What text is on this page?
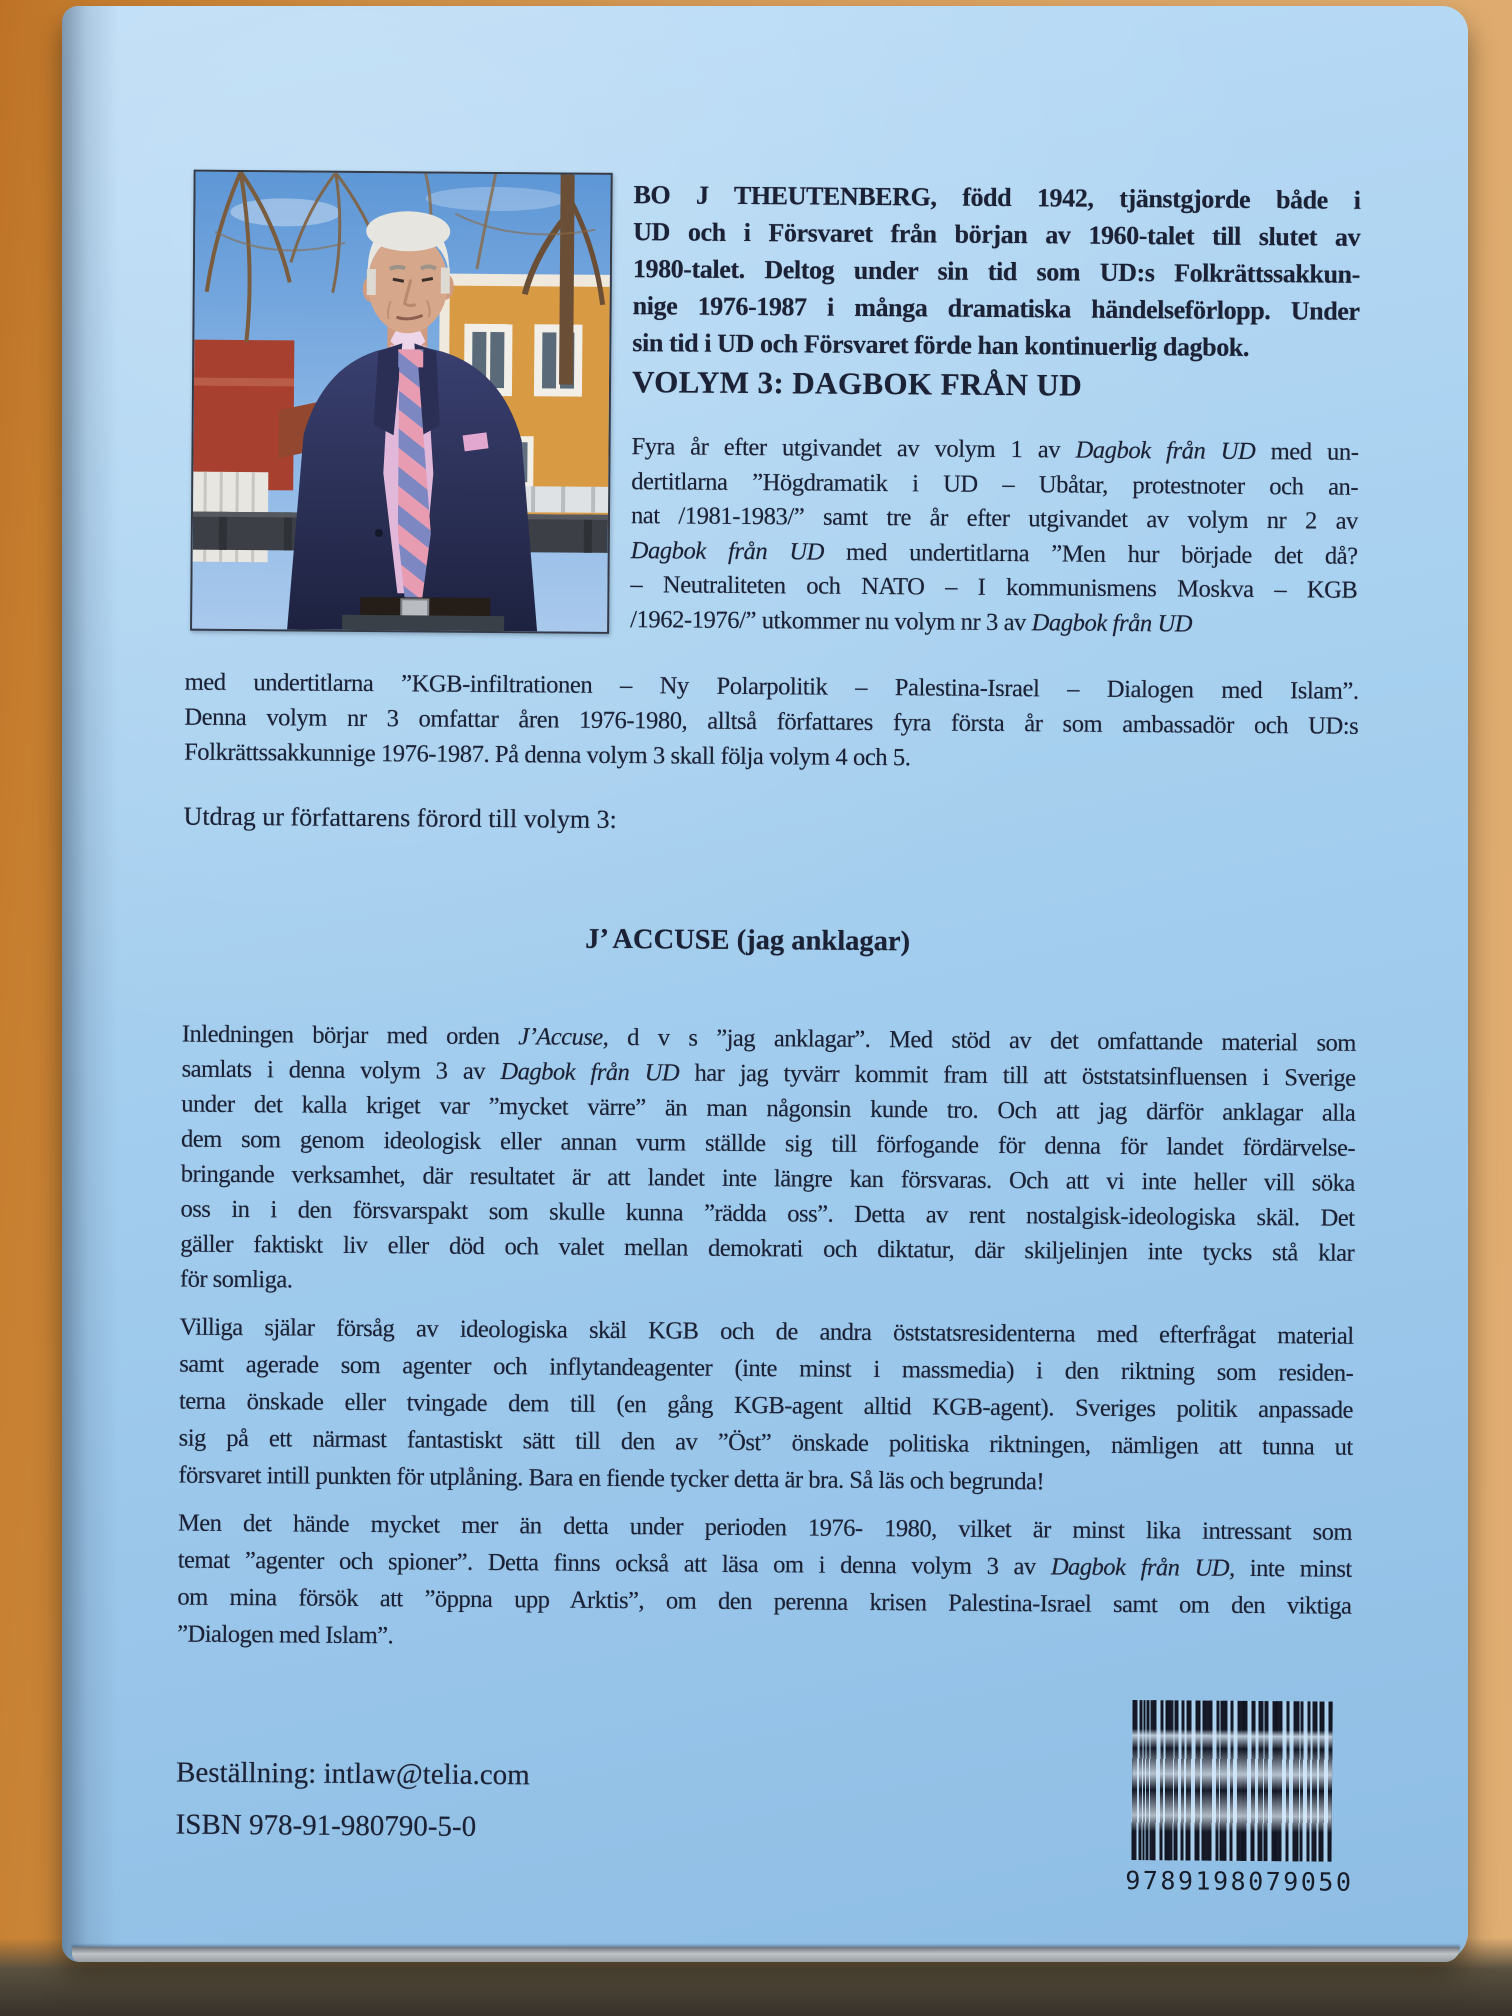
BO J THEUTENBERG, född 1942, tjänstgjorde både i
UD och i Försvaret från början av 1960-talet till slutet av
1980-talet. Deltog under sin tid som UD:s Folkrättssakkun-
nige 1976-1987 i många dramatiska händelseförlopp. Under
sin tid i UD och Försvaret förde han kontinuerlig dagbok.
VOLYM 3: DAGBOK FRÅN UD
Fyra år efter utgivandet av volym 1 av Dagbok från UD med un-
dertitlarna ”Högdramatik i UD – Ubåtar, protestnoter och an-
nat /1981-1983/” samt tre år efter utgivandet av volym nr 2 av
Dagbok från UD med undertitlarna ”Men hur började det då?
– Neutraliteten och NATO – I kommunismens Moskva – KGB
/1962-1976/” utkommer nu volym nr 3 av Dagbok från UD
med undertitlarna ”KGB-infiltrationen – Ny Polarpolitik – Palestina-Israel – Dialogen med Islam”.
Denna volym nr 3 omfattar åren 1976-1980, alltså författares fyra första år som ambassadör och UD:s
Folkrättssakkunnige 1976-1987. På denna volym 3 skall följa volym 4 och 5.
Utdrag ur författarens förord till volym 3:
J’ ACCUSE (jag anklagar)
Inledningen börjar med orden J’Accuse, d v s ”jag anklagar”. Med stöd av det omfattande material som
samlats i denna volym 3 av Dagbok från UD har jag tyvärr kommit fram till att öststatsinfluensen i Sverige
under det kalla kriget var ”mycket värre” än man någonsin kunde tro. Och att jag därför anklagar alla
dem som genom ideologisk eller annan vurm ställde sig till förfogande för denna för landet fördärvelse-
bringande verksamhet, där resultatet är att landet inte längre kan försvaras. Och att vi inte heller vill söka
oss in i den försvarspakt som skulle kunna ”rädda oss”. Detta av rent nostalgisk-ideologiska skäl. Det
gäller faktiskt liv eller död och valet mellan demokrati och diktatur, där skiljelinjen inte tycks stå klar
för somliga.
Villiga själar försåg av ideologiska skäl KGB och de andra öststatsresidenterna med efterfrågat material
samt agerade som agenter och inflytandeagenter (inte minst i massmedia) i den riktning som residen-
terna önskade eller tvingade dem till (en gång KGB-agent alltid KGB-agent). Sveriges politik anpassade
sig på ett närmast fantastiskt sätt till den av ”Öst” önskade politiska riktningen, nämligen att tunna ut
försvaret intill punkten för utplåning. Bara en fiende tycker detta är bra. Så läs och begrunda!
Men det hände mycket mer än detta under perioden 1976- 1980, vilket är minst lika intressant som
temat ”agenter och spioner”. Detta finns också att läsa om i denna volym 3 av Dagbok från UD, inte minst
om mina försök att ”öppna upp Arktis”, om den perenna krisen Palestina-Israel samt om den viktiga
”Dialogen med Islam”.
Beställning: intlaw@telia.com
ISBN 978-91-980790-5-0
9789198079050
